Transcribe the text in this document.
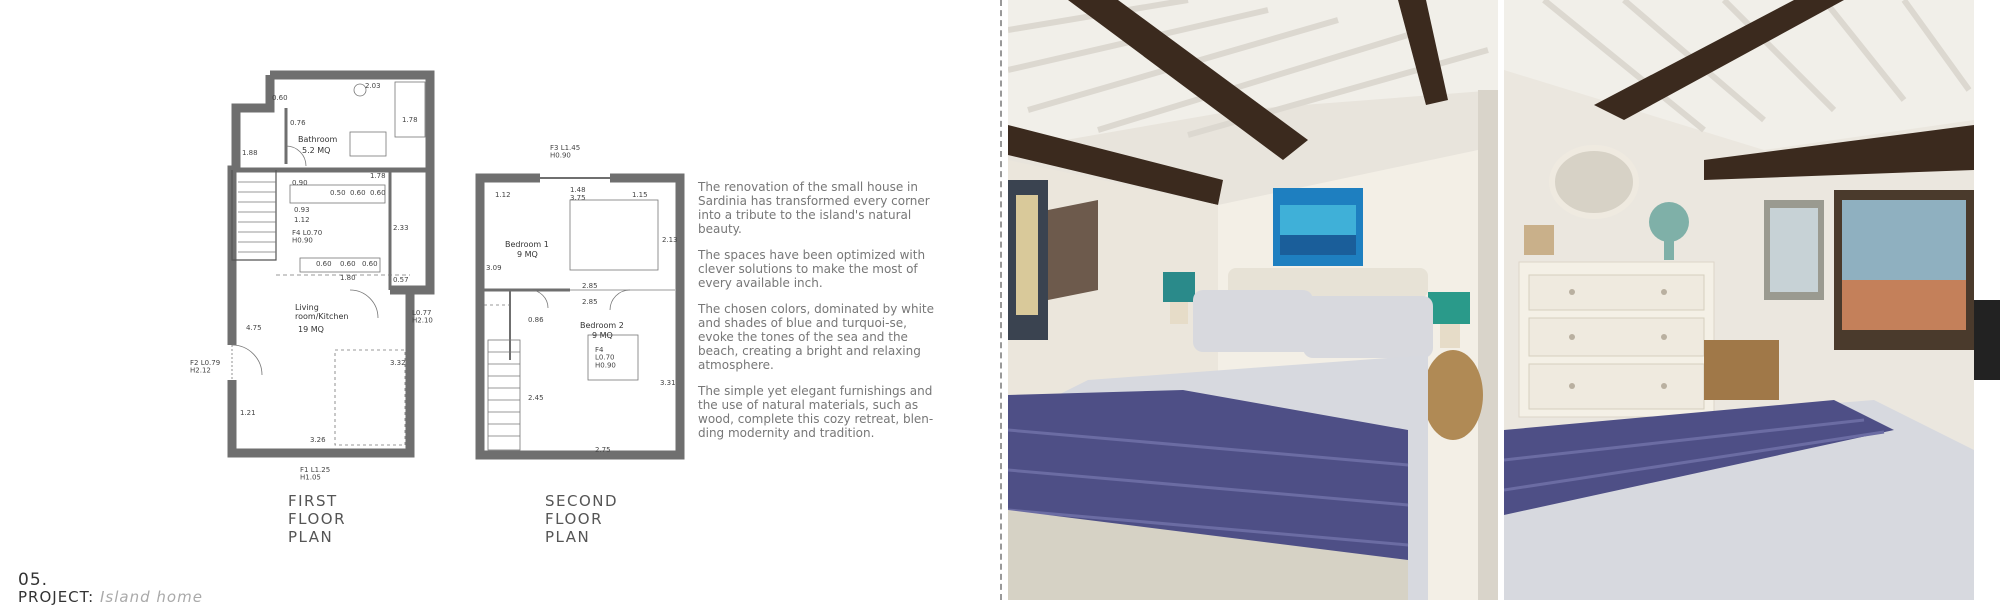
2.03
0.76	1.78
0.60
1.88
1.78
0.93
0.50 0.60 0.60
0.90
1.12
2.33
0.60 0.60 0.60
1.80	0.57
4.75
3.32
1.21
3.26
L0.77 H2.10
F2 L0.79 H2.12
F1 L1.25 H1.05
F4 L0.70 H0.90
Bathroom
5.2 MQ
Living room/Kitchen
19 MQ
FIRST
FLOOR
PLAN
1.12
1.48
3.75	1.15
2.13
3.09
2.85
2.85
0.86
2.45
3.31
2.75
F3 L1.45 H0.90
F4 L0.70 H0.90
Bedroom 1
9 MQ
Bedroom 2
9 MQ
SECOND
FLOOR
PLAN

The renovation of the small house in Sardinia has transformed every corner into a tribute to the island's natural beauty.

The spaces have been optimized with clever solutions to make the most of every available inch.

The chosen colors, dominated by white and shades of blue and turquoi-se, evoke the tones of the sea and the beach, creating a bright and relaxing atmosphere.

The simple yet elegant furnishings and the use of natural materials, such as wood, complete this cozy retreat, blen-ding modernity and tradition.

05.
PROJECT: Island home
